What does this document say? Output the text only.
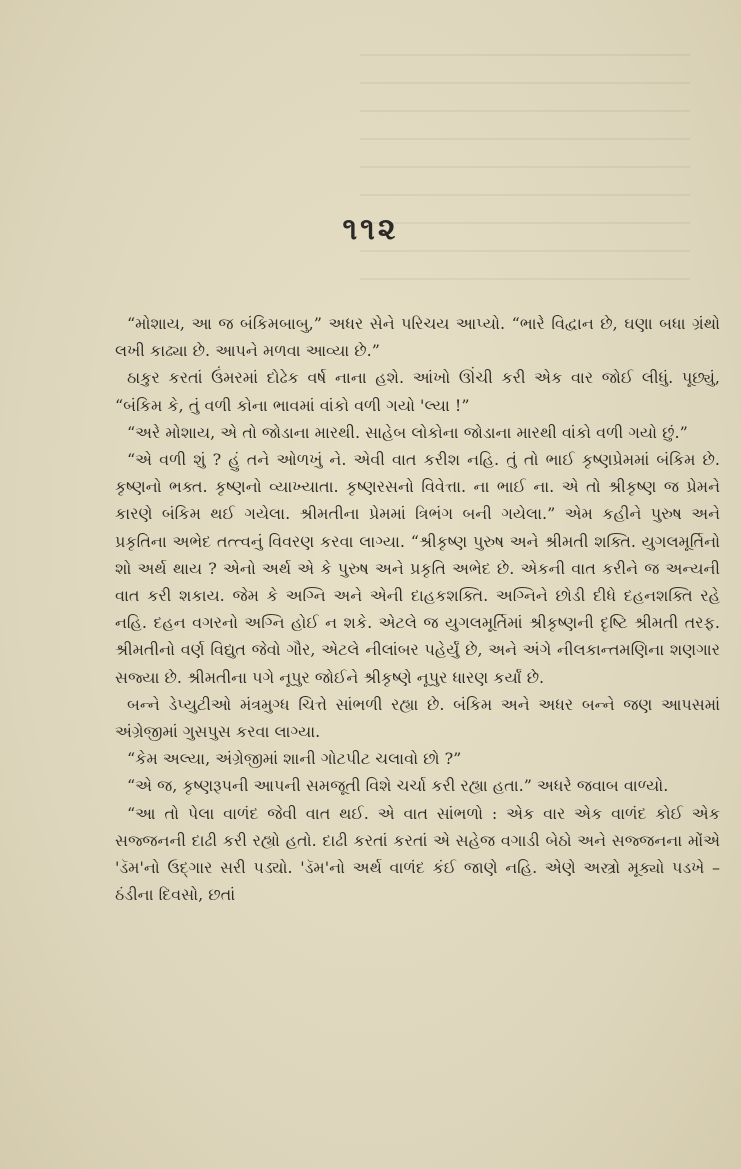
૧૧૨

“મોશાય, આ જ બંકિમબાબુ,” અધર સેને પરિચય આપ્યો. “ભારે વિદ્વાન છે, ઘણા બધા ગ્રંથો લખી કાઢ્યા છે. આપને મળવા આવ્યા છે.”

ઠાકુર કરતાં ઉંમરમાં દોઢેક વર્ષ નાના હશે. આંખો ઊંચી કરી એક વાર જોઈ લીધું. પૂછ્યું, “બંકિમ કે, તું વળી કોના ભાવમાં વાંકો વળી ગયો 'લ્યા !”

“અરે મોશાય, એ તો જોડાના મારથી. સાહેબ લોકોના જોડાના મારથી વાંકો વળી ગયો છું.”

“એ વળી શું ? હું તને ઓળખું ને. એવી વાત કરીશ નહિ. તું તો ભાઈ કૃષ્ણપ્રેમમાં બંકિમ છે. કૃષ્ણનો ભક્ત. કૃષ્ણનો વ્યાખ્યાતા. કૃષ્ણરસનો વિવેત્તા. ના ભાઈ ના. એ તો શ્રીકૃષ્ણ જ પ્રેમને કારણે બંકિમ થઈ ગયેલા. શ્રીમતીના પ્રેમમાં ત્રિભંગ બની ગયેલા.” એમ કહીને પુરુષ અને પ્રકૃતિના અભેદ તત્ત્વનું વિવરણ કરવા લાગ્યા. “શ્રીકૃષ્ણ પુરુષ અને શ્રીમતી શક્તિ. યુગલમૂર્તિનો શો અર્થ થાય ? એનો અર્થ એ કે પુરુષ અને પ્રકૃતિ અભેદ છે. એકની વાત કરીને જ અન્યની વાત કરી શકાય. જેમ કે અગ્નિ અને એની દાહકશક્તિ. અગ્નિને છોડી દીધે દહનશક્તિ રહે નહિ. દહન વગરનો અગ્નિ હોઈ ન શકે. એટલે જ યુગલમૂર્તિમાં શ્રીકૃષ્ણની દૃષ્ટિ શ્રીમતી તરફ. શ્રીમતીનો વર્ણ વિદ્યુત જેવો ગૌર, એટલે નીલાંબર પહેર્યું છે, અને અંગે નીલકાન્તમણિના શણગાર સજ્યા છે. શ્રીમતીના પગે નૂપુર જોઈને શ્રીકૃષ્ણે નૂપુર ધારણ કર્યાં છે.

બન્ને ડેપ્યુટીઓ મંત્રમુગ્ધ ચિત્તે સાંભળી રહ્યા છે. બંકિમ અને અધર બન્ને જણ આપસમાં અંગ્રેજીમાં ગુસપુસ કરવા લાગ્યા.

“કેમ અલ્યા, અંગ્રેજીમાં શાની ગોટપીટ ચલાવો છો ?”

“એ જ, કૃષ્ણરૂપની આપની સમજૂતી વિશે ચર્ચા કરી રહ્યા હતા.” અધરે જવાબ વાળ્યો.

“આ તો પેલા વાળંદ જેવી વાત થઈ. એ વાત સાંભળો : એક વાર એક વાળંદ કોઈ એક સજ્જનની દાઢી કરી રહ્યો હતો. દાઢી કરતાં કરતાં એ સહેજ વગાડી બેઠો અને સજ્જનના મોંએ 'ડૅમ'નો ઉદ્ગાર સરી પડ્યો. 'ડૅમ'નો અર્થ વાળંદ કંઈ જાણે નહિ. એણે અસ્ત્રો મૂક્યો પડખે – ઠંડીના દિવસો, છતાં
